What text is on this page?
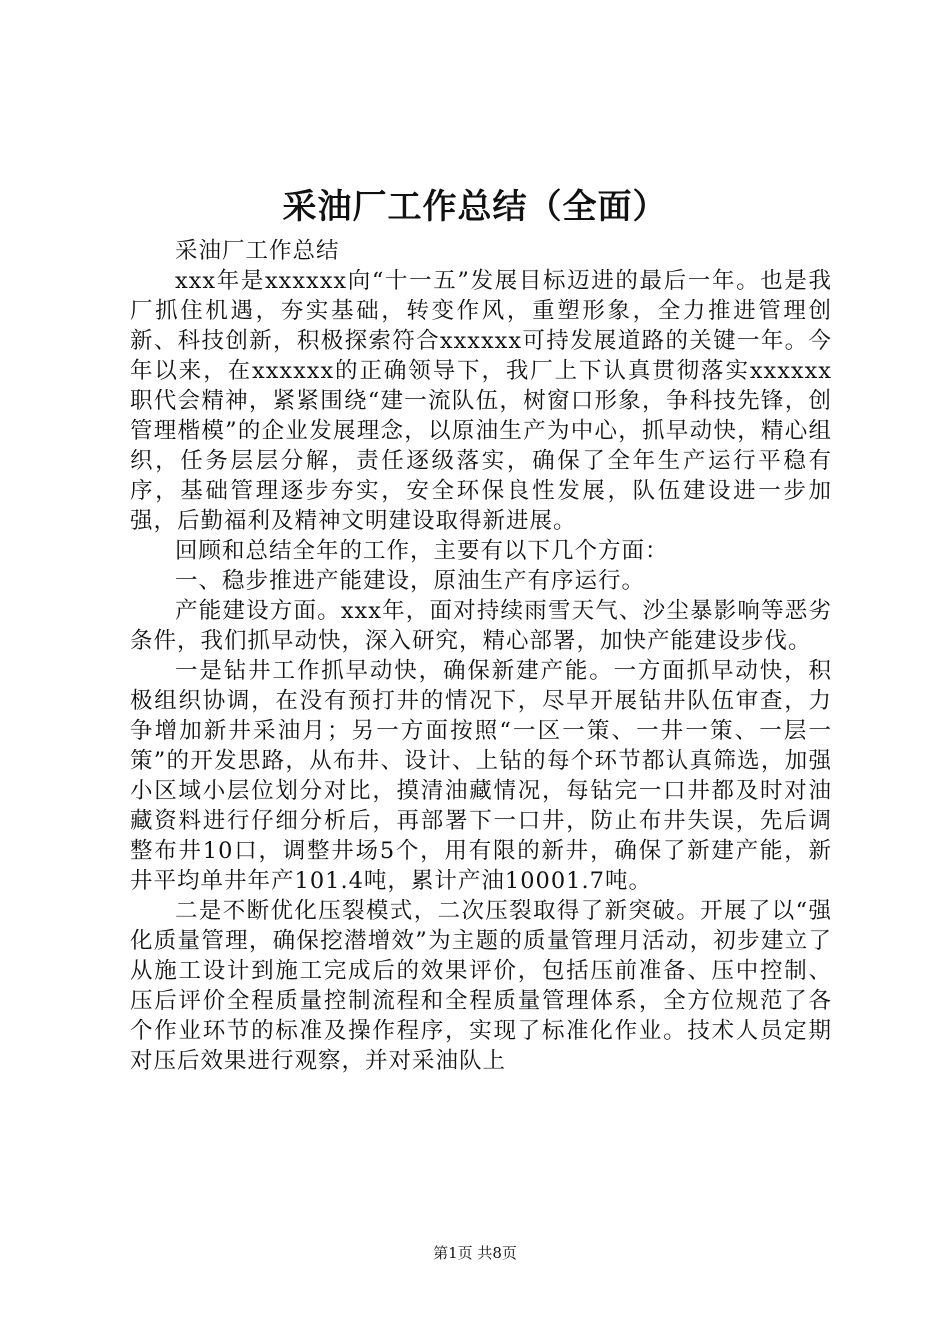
采油厂工作总结（全面）

采油厂工作总结

xxx年是xxxxxx向“十一五”发展目标迈进的最后一年。也是我厂抓住机遇，夯实基础，转变作风，重塑形象，全力推进管理创新、科技创新，积极探索符合xxxxxx可持发展道路的关键一年。今年以来，在xxxxxx的正确领导下，我厂上下认真贯彻落实xxxxxx职代会精神，紧紧围绕“建一流队伍，树窗口形象，争科技先锋，创管理楷模”的企业发展理念，以原油生产为中心，抓早动快，精心组织，任务层层分解，责任逐级落实，确保了全年生产运行平稳有序，基础管理逐步夯实，安全环保良性发展，队伍建设进一步加强，后勤福利及精神文明建设取得新进展。

回顾和总结全年的工作，主要有以下几个方面：

一、稳步推进产能建设，原油生产有序运行。

产能建设方面。xxx年，面对持续雨雪天气、沙尘暴影响等恶劣条件，我们抓早动快，深入研究，精心部署，加快产能建设步伐。

一是钻井工作抓早动快，确保新建产能。一方面抓早动快，积极组织协调，在没有预打井的情况下，尽早开展钻井队伍审查，力争增加新井采油月；另一方面按照“一区一策、一井一策、一层一策”的开发思路，从布井、设计、上钻的每个环节都认真筛选，加强小区域小层位划分对比，摸清油藏情况，每钻完一口井都及时对油藏资料进行仔细分析后，再部署下一口井，防止布井失误，先后调整布井10口，调整井场5个，用有限的新井，确保了新建产能，新井平均单井年产101.4吨，累计产油10001.7吨。

二是不断优化压裂模式，二次压裂取得了新突破。开展了以“强化质量管理，确保挖潜增效”为主题的质量管理月活动，初步建立了从施工设计到施工完成后的效果评价，包括压前准备、压中控制、压后评价全程质量控制流程和全程质量管理体系，全方位规范了各个作业环节的标准及操作程序，实现了标准化作业。技术人员定期对压后效果进行观察，并对采油队上

第1页 共8页
